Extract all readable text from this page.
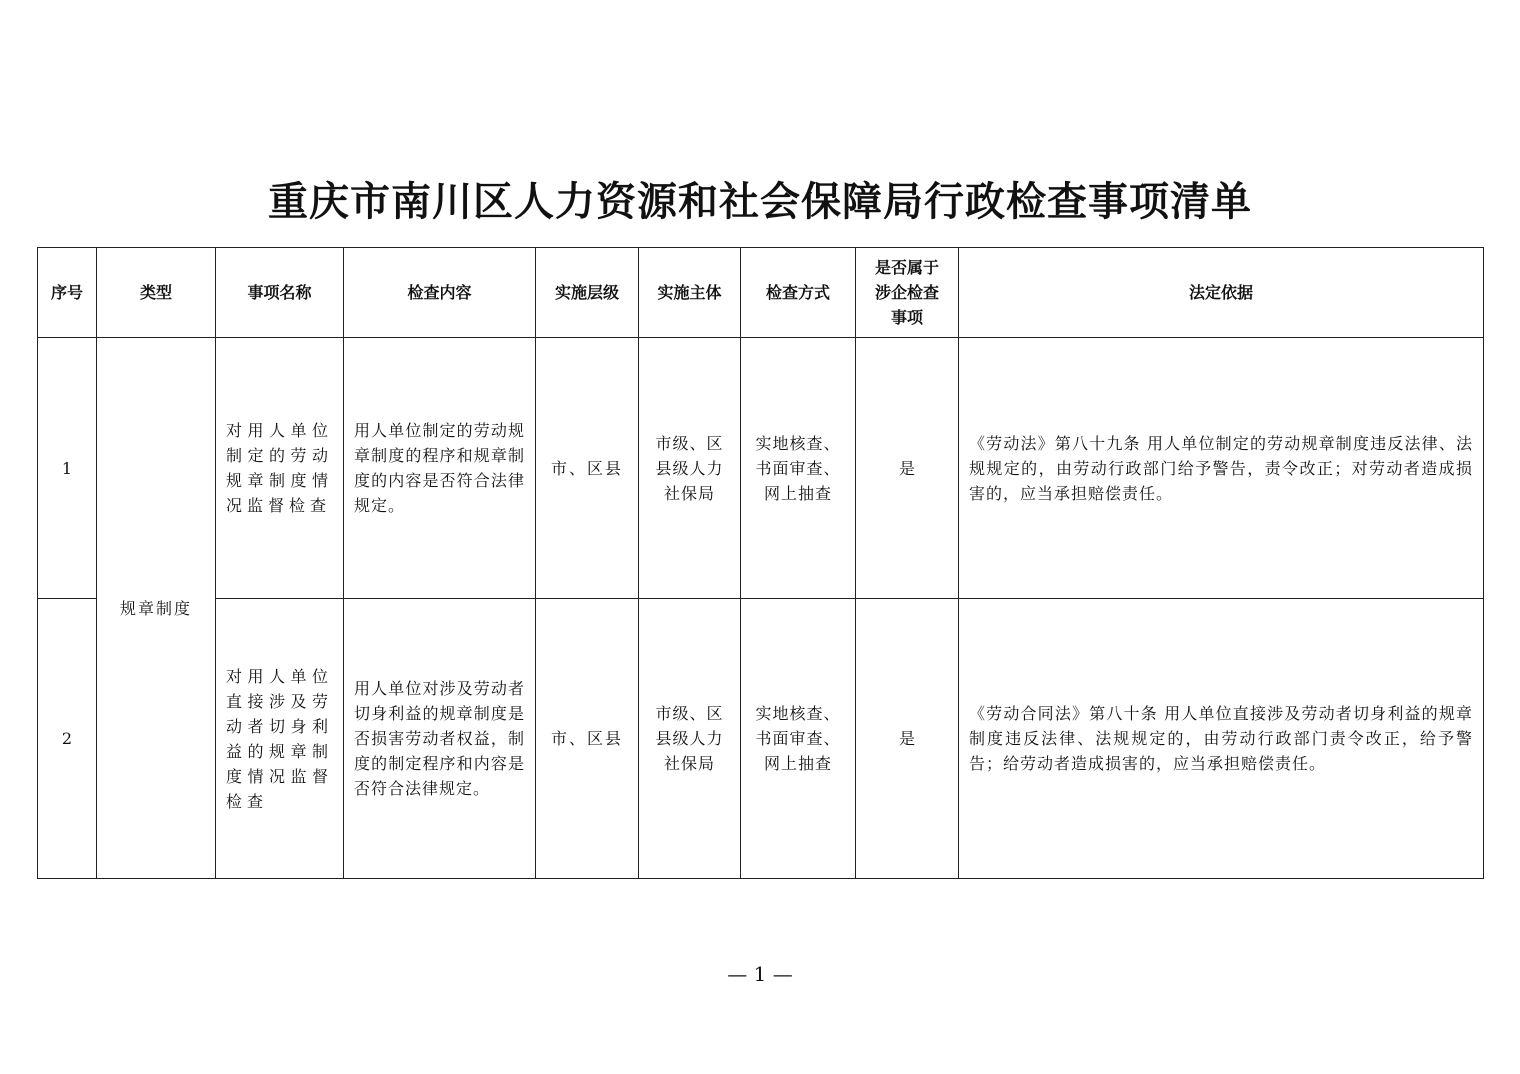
重庆市南川区人力资源和社会保障局行政检查事项清单
序号	类型	事项名称	检查内容	实施层级	实施主体	检查方式	是否属于涉企检查事项	法定依据
1	规章制度	对用人单位制定的劳动规章制度情况监督检查	用人单位制定的劳动规章制度的程序和规章制度的内容是否符合法律规定。	市、区县	市级、区县级人力社保局	实地核查、书面审查、网上抽查	是	《劳动法》第八十九条 用人单位制定的劳动规章制度违反法律、法规规定的，由劳动行政部门给予警告，责令改正；对劳动者造成损害的，应当承担赔偿责任。
2		对用人单位直接涉及劳动者切身利益的规章制度情况监督检查	用人单位对涉及劳动者切身利益的规章制度是否损害劳动者权益，制度的制定程序和内容是否符合法律规定。	市、区县	市级、区县级人力社保局	实地核查、书面审查、网上抽查	是	《劳动合同法》第八十条 用人单位直接涉及劳动者切身利益的规章制度违反法律、法规规定的，由劳动行政部门责令改正，给予警告；给劳动者造成损害的，应当承担赔偿责任。
— 1 —
